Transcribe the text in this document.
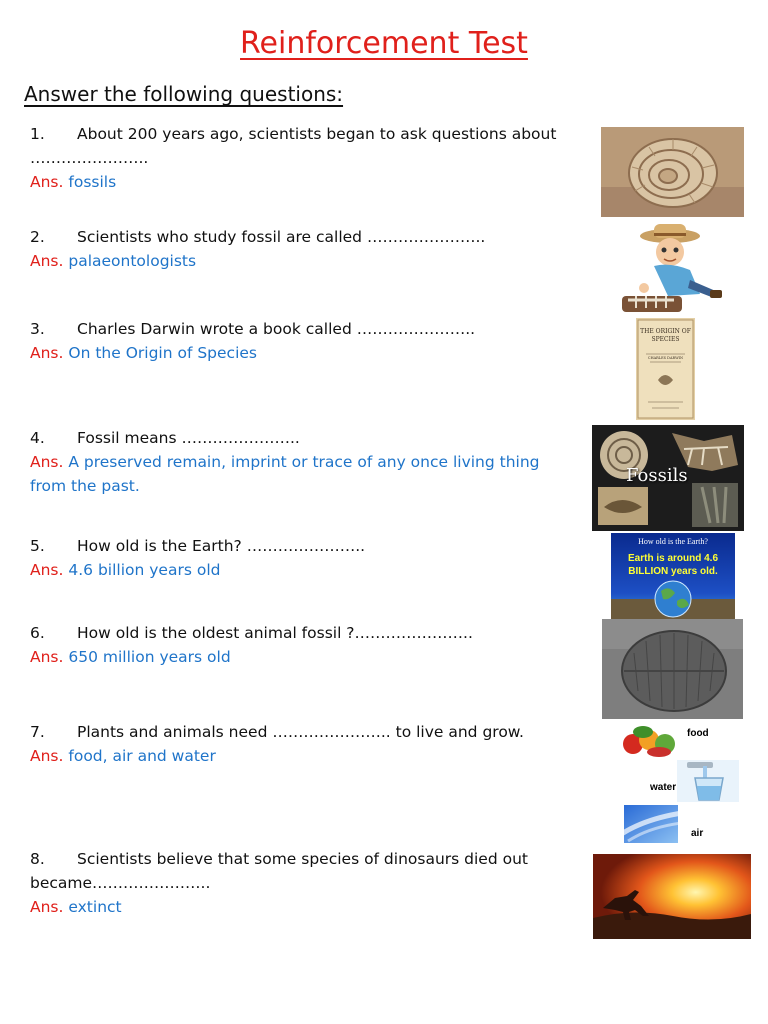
Reinforcement Test
Answer the following questions:
1. About 200 years ago, scientists began to ask questions about …………………..
Ans. fossils
2. Scientists who study fossil are called …………………..
Ans. palaeontologists
3. Charles Darwin wrote a book called …………………..
Ans. On the Origin of Species
4. Fossil means …………………..
Ans. A preserved remain, imprint or trace of any once living thing from the past.
5. How old is the Earth? …………………..
Ans. 4.6 billion years old
6. How old is the oldest animal fossil ?…………………..
Ans. 650 million years old
7. Plants and animals need ………………….. to live and grow.
Ans. food, air and water
8. Scientists believe that some species of dinosaurs died out became…………………..
Ans. extinct
THE ORIGIN OF SPECIES
CHARLES DARWIN
Fossils
How old is the Earth?
Earth is around 4.6
BILLION years old.
food
water
air
